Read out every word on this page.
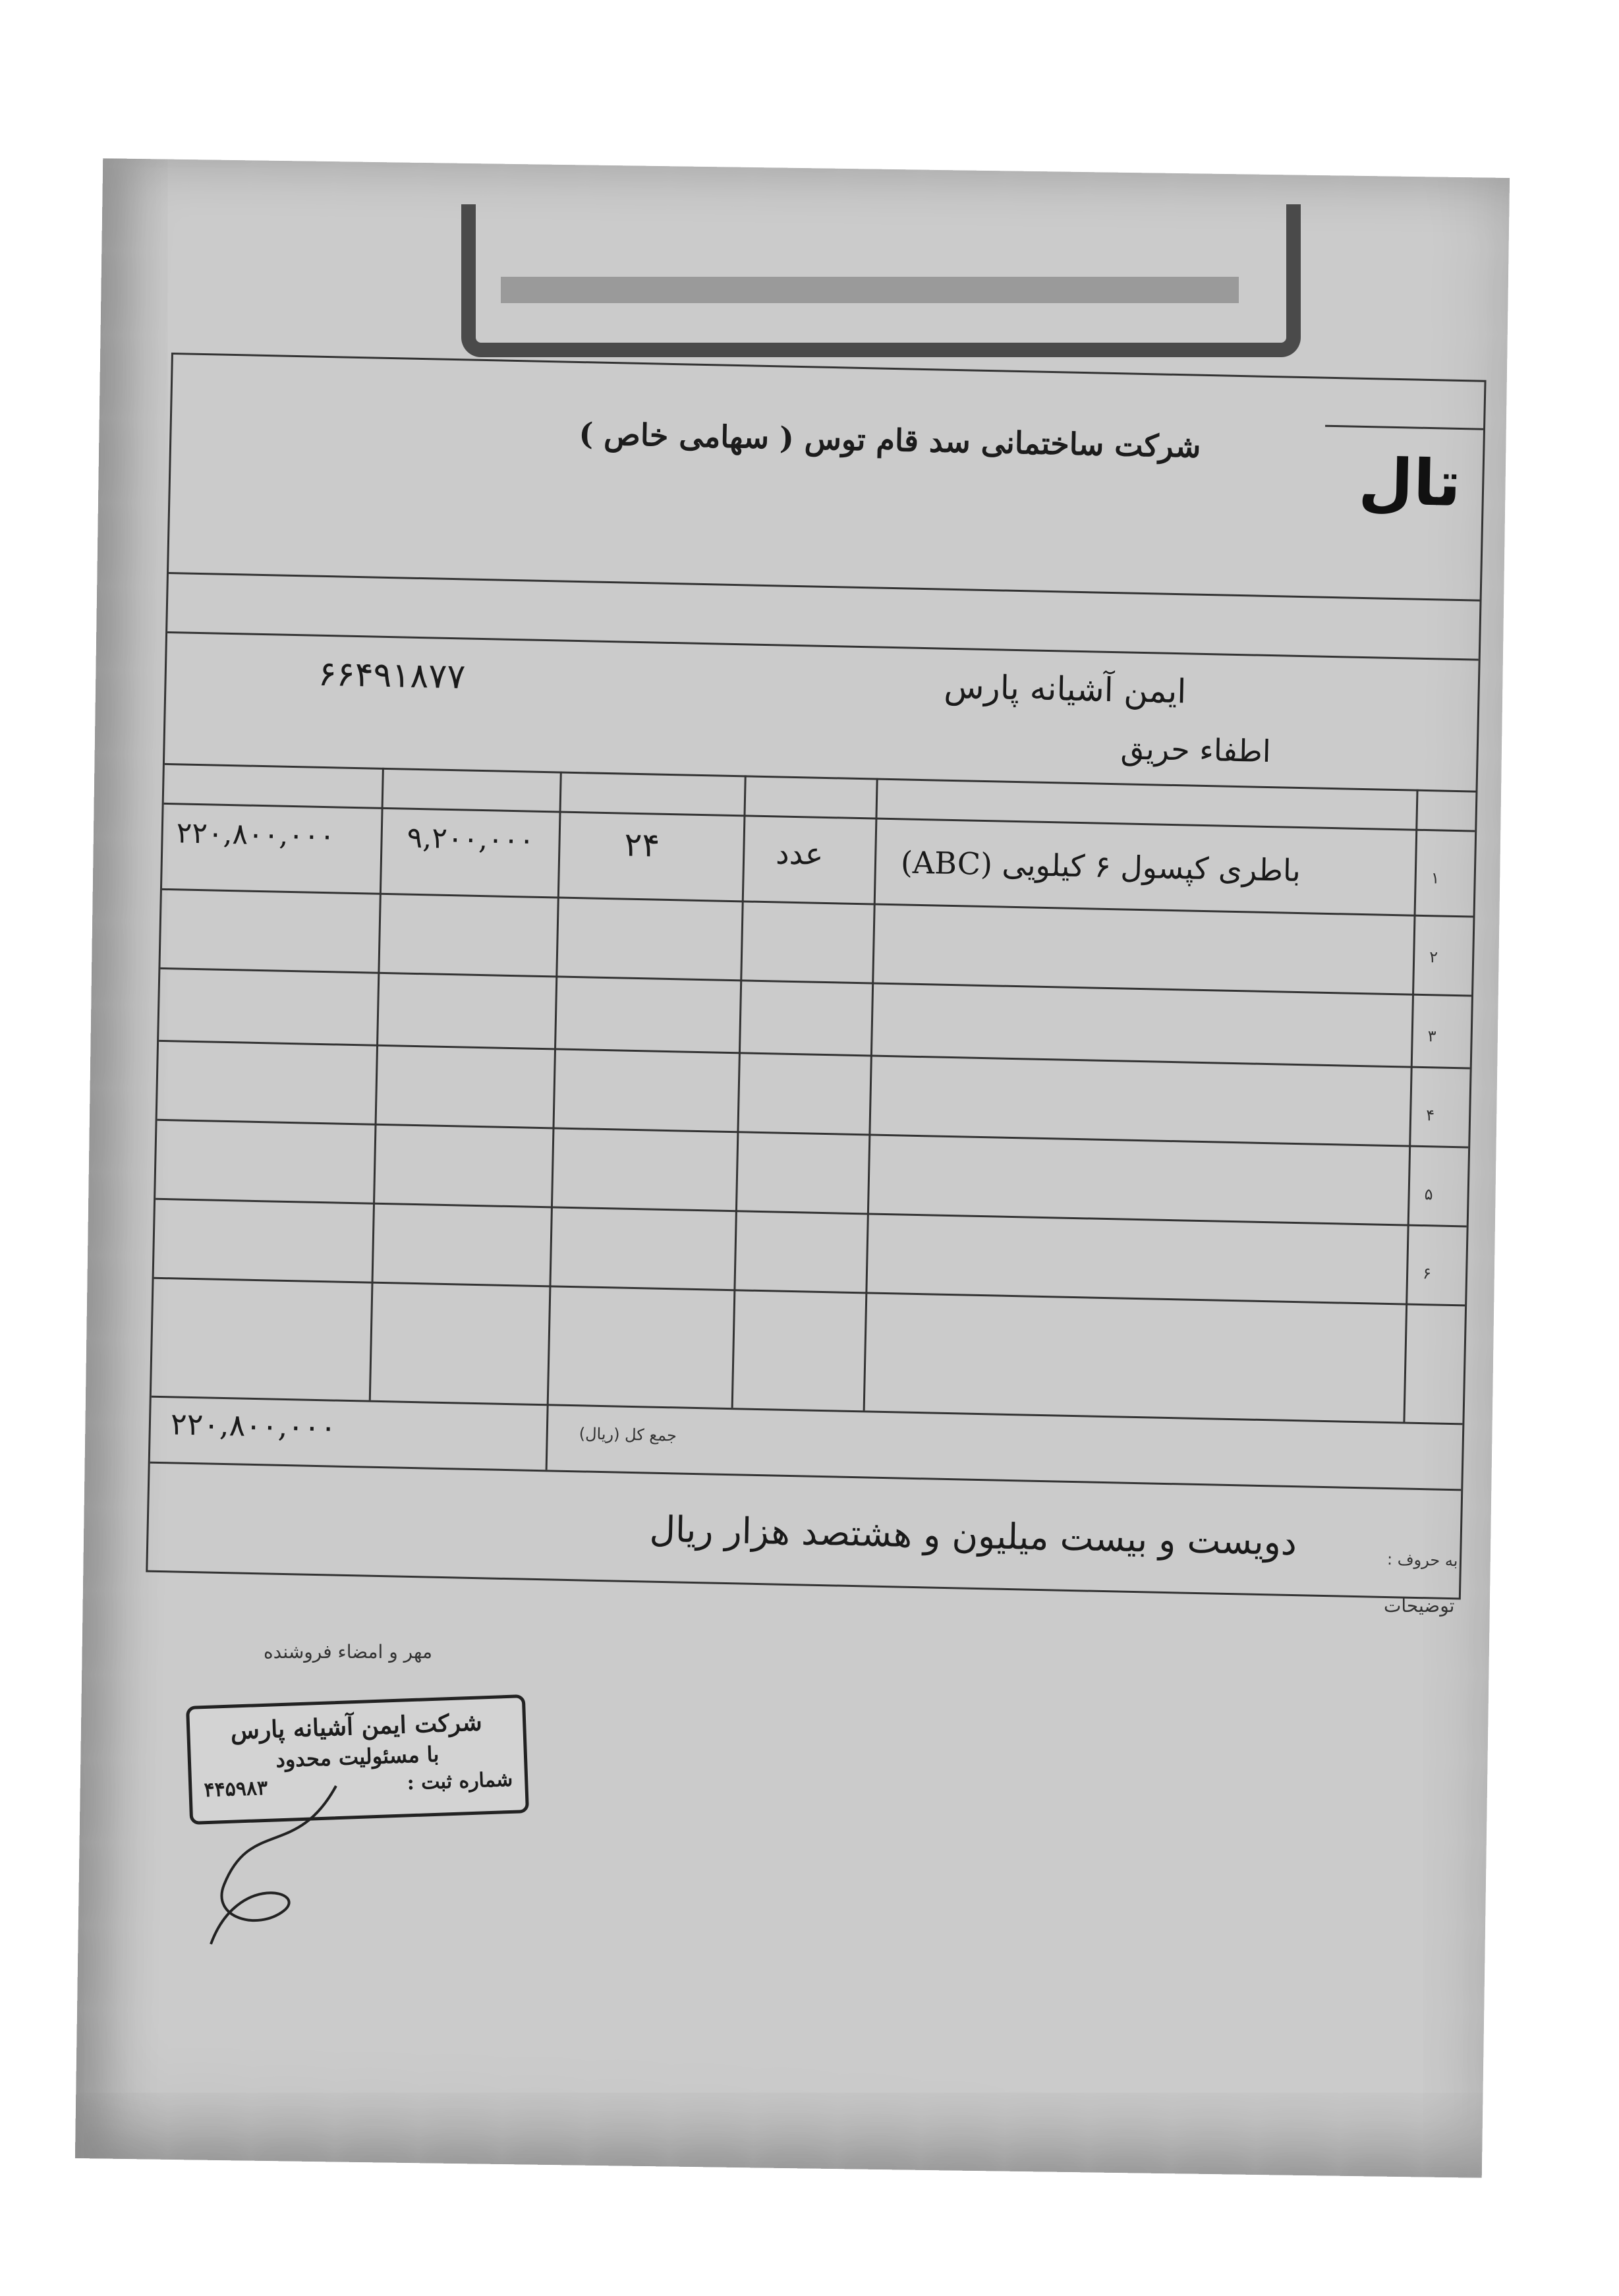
تال
شرکت ساختمانی سد قام توس ( سهامی خاص )
ایمن آشیانه پارس
۶۶۴۹۱۸۷۷
اطفاء حریق
۱
۲
۳
۴
۵
۶
باطری کپسول ۶ کیلویی (ABC)
عدد
۲۴
۹,۲۰۰,۰۰۰
۲۲۰,۸۰۰,۰۰۰
جمع کل (ریال)
۲۲۰,۸۰۰,۰۰۰
به حروف :
دویست و بیست میلیون و هشتصد هزار ریال
توضیحات
مهر و امضاء فروشنده
شرکت ایمن آشیانه پارس
با مسئولیت محدود
شماره ثبت :
۴۴۵۹۸۳
